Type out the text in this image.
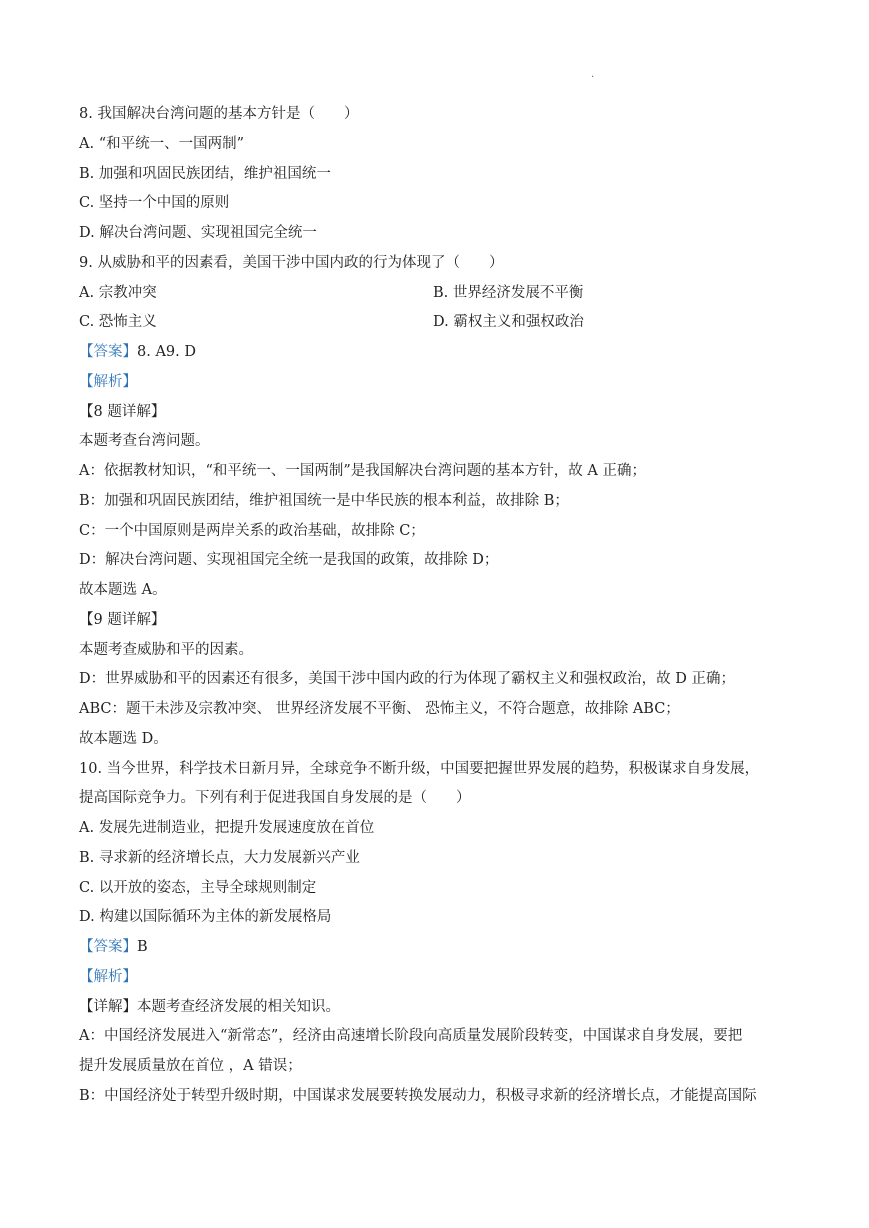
·
8. 我国解决台湾问题的基本方针是（　　）
A. “和平统一、一国两制”
B. 加强和巩固民族团结，维护祖国统一
C. 坚持一个中国的原则
D. 解决台湾问题、实现祖国完全统一
9. 从威胁和平的因素看，美国干涉中国内政的行为体现了（　　）
A. 宗教冲突	B. 世界经济发展不平衡
C. 恐怖主义	D. 霸权主义和强权政治
【答案】8. A9. D
【解析】
【8 题详解】
本题考查台湾问题。
A：依据教材知识，“和平统一、一国两制”是我国解决台湾问题的基本方针，故 A 正确；
B：加强和巩固民族团结，维护祖国统一是中华民族的根本利益，故排除 B；
C：一个中国原则是两岸关系的政治基础，故排除 C；
D：解决台湾问题、实现祖国完全统一是我国的政策，故排除 D；
故本题选 A。
【9 题详解】
本题考查威胁和平的因素。
D：世界威胁和平的因素还有很多，美国干涉中国内政的行为体现了霸权主义和强权政治，故 D 正确；
ABC：题干未涉及宗教冲突、 世界经济发展不平衡、 恐怖主义，不符合题意，故排除 ABC；
故本题选 D。
10. 当今世界，科学技术日新月异，全球竞争不断升级，中国要把握世界发展的趋势，积极谋求自身发展，
提高国际竞争力。下列有利于促进我国自身发展的是（　　）
A. 发展先进制造业，把提升发展速度放在首位
B. 寻求新的经济增长点，大力发展新兴产业
C. 以开放的姿态，主导全球规则制定
D. 构建以国际循环为主体的新发展格局
【答案】B
【解析】
【详解】本题考查经济发展的相关知识。
A：中国经济发展进入“新常态”，经济由高速增长阶段向高质量发展阶段转变，中国谋求自身发展，要把
提升发展质量放在首位 ，A 错误；
B：中国经济处于转型升级时期，中国谋求发展要转换发展动力，积极寻求新的经济增长点，才能提高国际
